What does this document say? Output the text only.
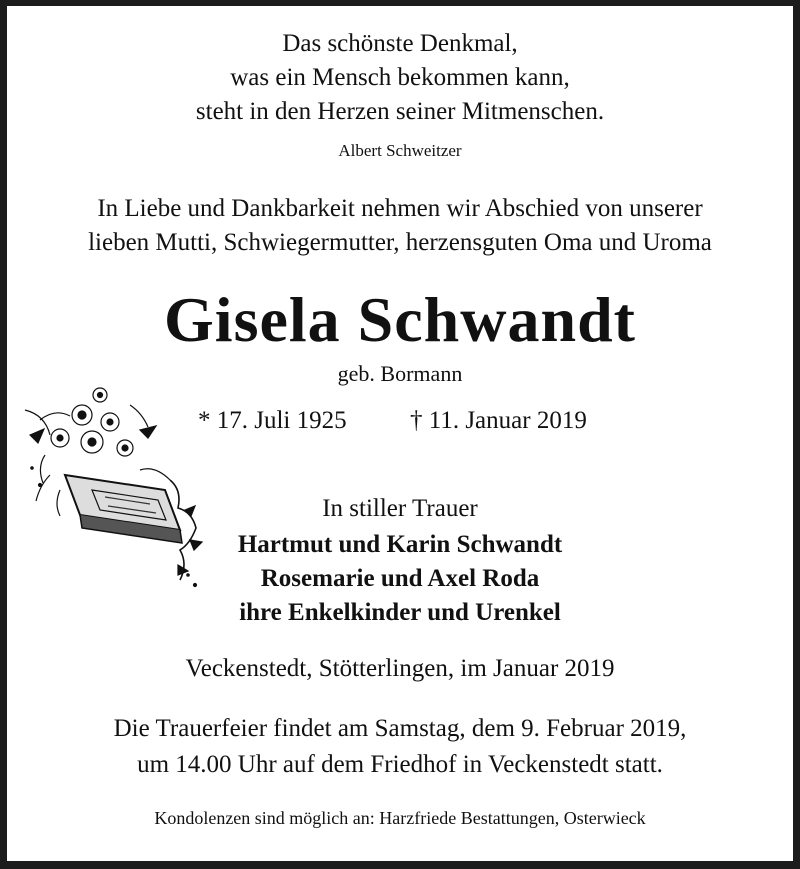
Das schönste Denkmal,
was ein Mensch bekommen kann,
steht in den Herzen seiner Mitmenschen.
Albert Schweitzer
In Liebe und Dankbarkeit nehmen wir Abschied von unserer
lieben Mutti, Schwiegermutter, herzensguten Oma und Uroma
Gisela Schwandt
geb. Bormann
* 17. Juli 1925	† 11. Januar 2019
In stiller Trauer
Hartmut und Karin Schwandt
Rosemarie und Axel Roda
ihre Enkelkinder und Urenkel
Veckenstedt, Stötterlingen, im Januar 2019
Die Trauerfeier findet am Samstag, dem 9. Februar 2019,
um 14.00 Uhr auf dem Friedhof in Veckenstedt statt.
Kondolenzen sind möglich an: Harzfriede Bestattungen, Osterwieck
